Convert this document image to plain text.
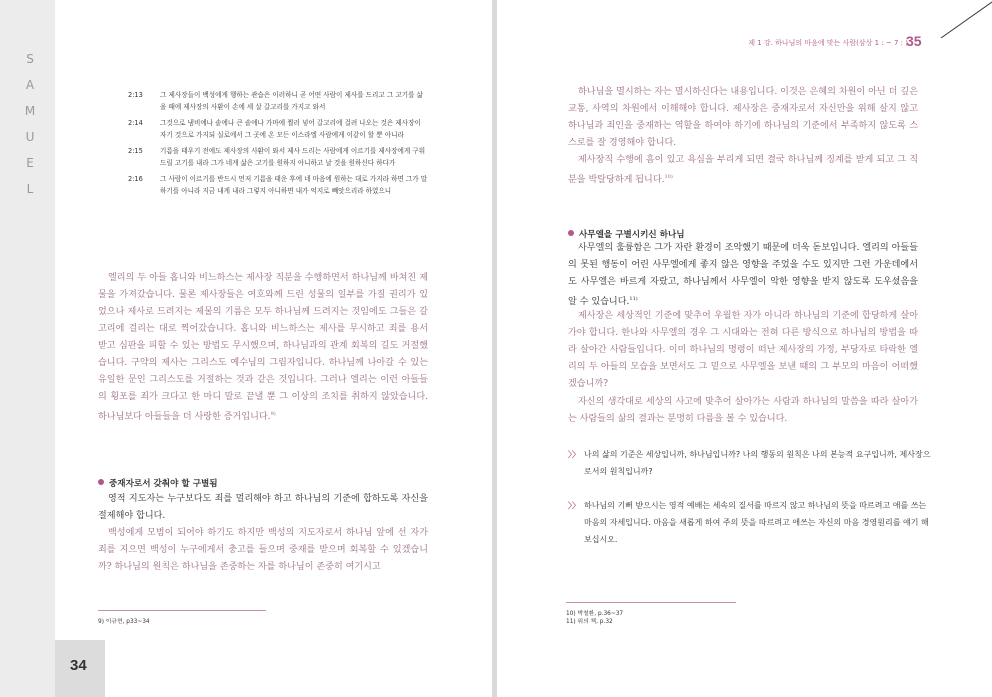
S
A
M
U
E
L
2:13	그 제사장들이 백성에게 행하는 관습은 이러하니 곧 어떤 사람이 제사를 드리고 그 고기를 삶을 때에 제사장의 사환이 손에 세 살 갈고리를 가지고 와서
2:14	그것으로 냄비에나 솥에나 큰 솥에나 가마에 찔러 넣어 갈고리에 걸려 나오는 것은 제사장이 자기 것으로 가지되 실로에서 그 곳에 온 모든 이스라엘 사람에게 이같이 할 뿐 아니라
2:15	기름을 태우기 전에도 제사장의 사환이 와서 제사 드리는 사람에게 이르기를 제사장에게 구워 드릴 고기를 내라 그가 네게 삶은 고기를 원하지 아니하고 날 것을 원하신다 하다가
2:16	그 사람이 이르기를 반드시 먼저 기름을 태운 후에 네 마음에 원하는 대로 가지라 하면 그가 말하기를 아니라 지금 내게 내라 그렇지 아니하면 내가 억지로 빼앗으리라 하였으니
엘리의 두 아들 홉니와 비느하스는 제사장 직분을 수행하면서 하나님께 바쳐진 제물을 가져갔습니다. 물론 제사장들은 여호와께 드린 성물의 일부를 가질 권리가 있었으나 제사로 드려지는 제물의 기름은 모두 하나님께 드려지는 것임에도 그들은 갈고리에 걸리는 대로 찍어갔습니다. 홉니와 비느하스는 제사를 무시하고 죄를 용서 받고 심판을 피할 수 있는 방법도 무시했으며, 하나님과의 관계 회복의 길도 거절했습니다. 구약의 제사는 그리스도 예수님의 그림자입니다. 하나님께 나아갈 수 있는 유일한 문인 그리스도를 거절하는 것과 같은 것입니다. 그러나 엘리는 이런 아들들의 횡포를 죄가 크다고 한 마디 말로 끝낼 뿐 그 이상의 조치를 취하지 않았습니다. 하나님보다 아들들을 더 사랑한 증거입니다.$^{9)}$
중재자로서 갖춰야 할 구별됨
영적 지도자는 누구보다도 죄를 멀리해야 하고 하나님의 기준에 합하도록 자신을 절제해야 합니다.
백성에게 모범이 되어야 하기도 하지만 백성의 지도자로서 하나님 앞에 선 자가 죄를 지으면 백성이 누구에게서 충고를 들으며 중재를 받으며 회복할 수 있겠습니까? 하나님의 원칙은 하나님을 존중하는 자를 하나님이 존중히 여기시고
9) 이규현, p33~34
34
제 1 강. 하나님의 마음에 맞는 사람(삼상 1 : ~ 7 : )
35
하나님을 멸시하는 자는 멸시하신다는 내용입니다. 이것은 은혜의 차원이 아닌 더 깊은 교통, 사역의 차원에서 이해해야 합니다. 제사장은 중재자로서 자신만을 위해 살지 않고 하나님과 죄인을 중재하는 역할을 하여야 하기에 하나님의 기준에서 부족하지 않도록 스스로를 잘 경영해야 합니다.
제사장직 수행에 흠이 있고 욕심을 부리게 되면 결국 하나님께 징계를 받게 되고 그 직분을 박탈당하게 됩니다.$^{10)}$
사무엘을 구별시키신 하나님
사무엘의 훌륭함은 그가 자란 환경이 조악했기 때문에 더욱 돋보입니다. 엘리의 아들들의 못된 행동이 어린 사무엘에게 좋지 않은 영향을 주었을 수도 있지만 그런 가운데에서도 사무엘은 바르게 자랐고, 하나님께서 사무엘이 악한 영향을 받지 않도록 도우셨음을 알 수 있습니다.$^{11)}$
제사장은 세상적인 기준에 맞추어 우월한 자가 아니라 하나님의 기준에 합당하게 살아가야 합니다. 한나와 사무엘의 경우 그 시대와는 전혀 다른 방식으로 하나님의 방법을 따라 살아간 사람들입니다. 이미 하나님의 명령이 떠난 제사장의 가정, 부당자로 타락한 엘리의 두 아들의 모습을 보면서도 그 밑으로 사무엘을 보낸 때의 그 부모의 마음이 어떠했겠습니까?
자신의 생각대로 세상의 사고에 맞추어 살아가는 사람과 하나님의 말씀을 따라 살아가는 사람들의 삶의 결과는 분명히 다름을 볼 수 있습니다.
〉〉 나의 삶의 기준은 세상입니까, 하나님입니까? 나의 행동의 원칙은 나의 본능적 요구입니까, 제사장으로서의 원칙입니까?
〉〉 하나님의 기뻐 받으시는 영적 예배는 세속의 질서를 따르지 않고 하나님의 뜻을 따르려고 애를 쓰는 마음의 자세입니다. 마음을 새롭게 하여 주의 뜻을 따르려고 애쓰는 자신의 마음 경영원리를 얘기 해 보십시오.
10) 박철환, p.36~37
11) 위의 책, p.32
